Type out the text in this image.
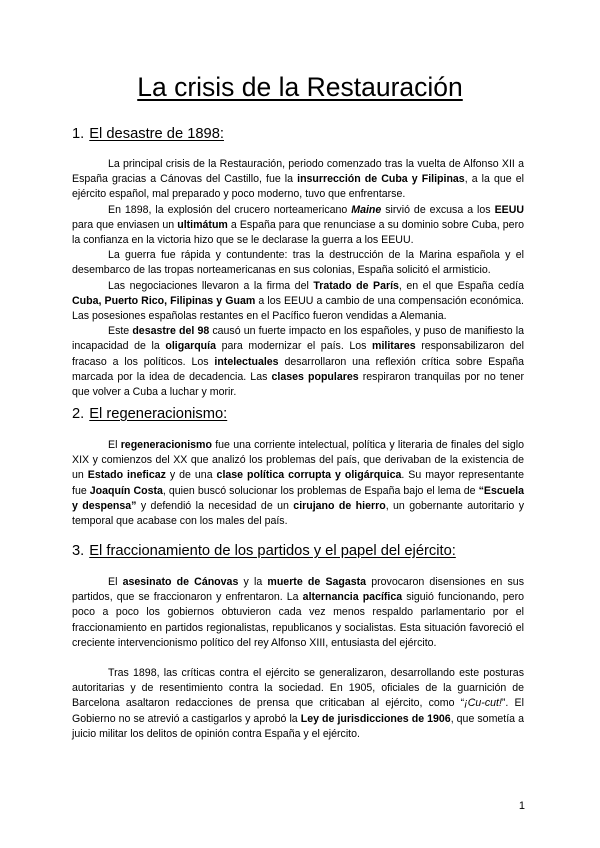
La crisis de la Restauración
1. El desastre de 1898:

La principal crisis de la Restauración, periodo comenzado tras la vuelta de Alfonso XII a España gracias a Cánovas del Castillo, fue la insurrección de Cuba y Filipinas, a la que el ejército español, mal preparado y poco moderno, tuvo que enfrentarse.

En 1898, la explosión del crucero norteamericano Maine sirvió de excusa a los EEUU para que enviasen un ultimátum a España para que renunciase a su dominio sobre Cuba, pero la confianza en la victoria hizo que se le declarase la guerra a los EEUU.

La guerra fue rápida y contundente: tras la destrucción de la Marina española y el desembarco de las tropas norteamericanas en sus colonias, España solicitó el armisticio.

Las negociaciones llevaron a la firma del Tratado de París, en el que España cedía Cuba, Puerto Rico, Filipinas y Guam a los EEUU a cambio de una compensación económica. Las posesiones españolas restantes en el Pacífico fueron vendidas a Alemania.

Este desastre del 98 causó un fuerte impacto en los españoles, y puso de manifiesto la incapacidad de la oligarquía para modernizar el país. Los militares responsabilizaron del fracaso a los políticos. Los intelectuales desarrollaron una reflexión crítica sobre España marcada por la idea de decadencia. Las clases populares respiraron tranquilas por no tener que volver a Cuba a luchar y morir.

2. El regeneracionismo:

El regeneracionismo fue una corriente intelectual, política y literaria de finales del siglo XIX y comienzos del XX que analizó los problemas del país, que derivaban de la existencia de un Estado ineficaz y de una clase política corrupta y oligárquica. Su mayor representante fue Joaquín Costa, quien buscó solucionar los problemas de España bajo el lema de “Escuela y despensa” y defendió la necesidad de un cirujano de hierro, un gobernante autoritario y temporal que acabase con los males del país.

3. El fraccionamiento de los partidos y el papel del ejército:

El asesinato de Cánovas y la muerte de Sagasta provocaron disensiones en sus partidos, que se fraccionaron y enfrentaron. La alternancia pacífica siguió funcionando, pero poco a poco los gobiernos obtuvieron cada vez menos respaldo parlamentario por el fraccionamiento en partidos regionalistas, republicanos y socialistas. Esta situación favoreció el creciente intervencionismo político del rey Alfonso XIII, entusiasta del ejército.

Tras 1898, las críticas contra el ejército se generalizaron, desarrollando este posturas autoritarias y de resentimiento contra la sociedad. En 1905, oficiales de la guarnición de Barcelona asaltaron redacciones de prensa que criticaban al ejército, como “¡Cu-cut!”. El Gobierno no se atrevió a castigarlos y aprobó la Ley de jurisdicciones de 1906, que sometía a juicio militar los delitos de opinión contra España y el ejército.

1
